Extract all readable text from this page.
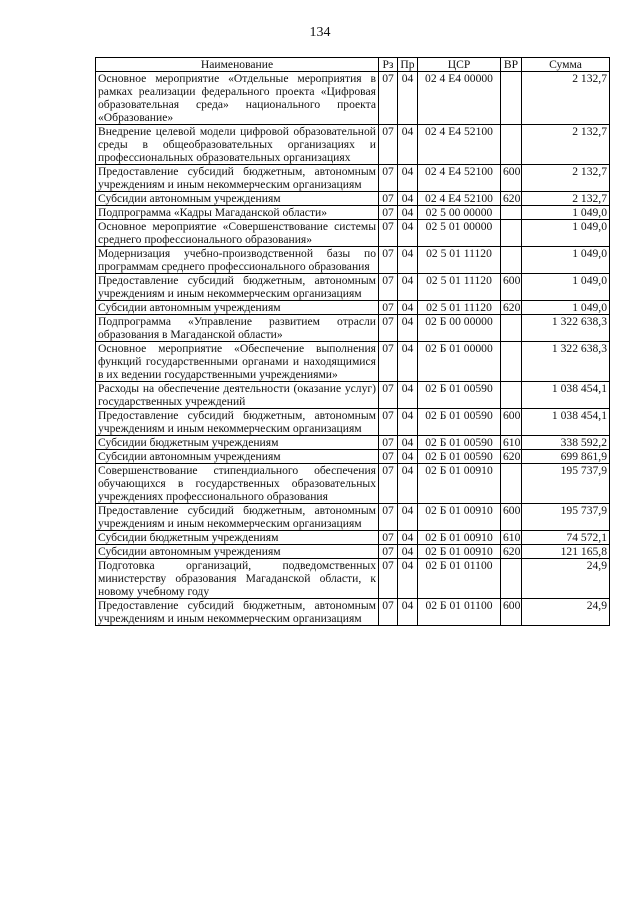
134
Наименование	Рз	Пр	ЦСР	ВР	Сумма
Основное мероприятие «Отдельные мероприятия в рамках реализации федерального проекта «Цифровая образовательная среда» национального проекта «Образование»	07	04	02 4 Е4 00000		2 132,7
Внедрение целевой модели цифровой образовательной среды в общеобразовательных организациях и профессиональных образовательных организациях	07	04	02 4 Е4 52100		2 132,7
Предоставление субсидий бюджетным, автономным учреждениям и иным некоммерческим организациям	07	04	02 4 Е4 52100	600	2 132,7
Субсидии автономным учреждениям	07	04	02 4 Е4 52100	620	2 132,7
Подпрограмма «Кадры Магаданской области»	07	04	02 5 00 00000		1 049,0
Основное мероприятие «Совершенствование системы среднего профессионального образования»	07	04	02 5 01 00000		1 049,0
Модернизация учебно-производственной базы по программам среднего профессионального образования	07	04	02 5 01 11120		1 049,0
Предоставление субсидий бюджетным, автономным учреждениям и иным некоммерческим организациям	07	04	02 5 01 11120	600	1 049,0
Субсидии автономным учреждениям	07	04	02 5 01 11120	620	1 049,0
Подпрограмма «Управление развитием отрасли образования в Магаданской области»	07	04	02 Б 00 00000		1 322 638,3
Основное мероприятие «Обеспечение выполнения функций государственными органами и находящимися в их ведении государственными учреждениями»	07	04	02 Б 01 00000		1 322 638,3
Расходы на обеспечение деятельности (оказание услуг) государственных учреждений	07	04	02 Б 01 00590		1 038 454,1
Предоставление субсидий бюджетным, автономным учреждениям и иным некоммерческим организациям	07	04	02 Б 01 00590	600	1 038 454,1
Субсидии бюджетным учреждениям	07	04	02 Б 01 00590	610	338 592,2
Субсидии автономным учреждениям	07	04	02 Б 01 00590	620	699 861,9
Совершенствование стипендиального обеспечения обучающихся в государственных образовательных учреждениях профессионального образования	07	04	02 Б 01 00910		195 737,9
Предоставление субсидий бюджетным, автономным учреждениям и иным некоммерческим организациям	07	04	02 Б 01 00910	600	195 737,9
Субсидии бюджетным учреждениям	07	04	02 Б 01 00910	610	74 572,1
Субсидии автономным учреждениям	07	04	02 Б 01 00910	620	121 165,8
Подготовка организаций, подведомственных министерству образования Магаданской области, к новому учебному году	07	04	02 Б 01 01100		24,9
Предоставление субсидий бюджетным, автономным учреждениям и иным некоммерческим организациям	07	04	02 Б 01 01100	600	24,9
